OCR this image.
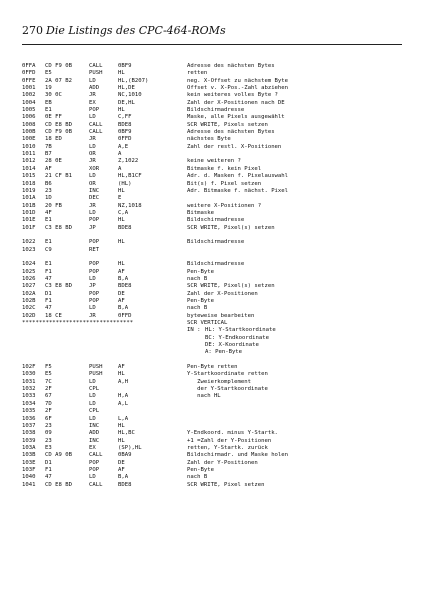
270 Die Listings des CPC-464-ROMs
0FFA CD F9 0B	CALL	0BF9	Adresse des nächsten Bytes
0FFD E5	PUSH	HL	retten
0FFE 2A 07 B2	LD	HL,(B207)	neg. X-Offset zu nächstem Byte
1001 19	ADD	HL,DE	Offset v. X-Pos.-Zahl abziehen
1002 30 0C	JR	NC,1010	kein weiteres volles Byte ?
1004 EB	EX	DE,HL	Zahl der X-Positionen nach DE
1005 E1	POP	HL	Bildschirmadresse
1006 0E FF	LD	C,FF	Maske, alle Pixels ausgewählt
1008 CD E8 BD	CALL	BDE8	SCR WRITE, Pixels setzen
100B CD F9 0B	CALL	0BF9	Adresse des nächsten Bytes
100E 18 ED	JR	0FFD	nächstes Byte
1010 7B	LD	A,E	Zahl der restl. X-Positionen
1011 B7	OR	A
1012 28 0E	JR	Z,1022	keine weiteren ?
1014 AF	XOR	A	Bitmaske f. kein Pixel
1015 21 CF B1	LD	HL,B1CF	Adr. d. Masken f. Pixelauswahl
1018 B6	OR	(HL)	Bit(s) f. Pixel setzen
1019 23	INC	HL	Adr. Bitmaske f. nächst. Pixel
101A 1D	DEC	E
101B 20 FB	JR	NZ,1018	weitere X-Positionen ?
101D 4F	LD	C,A	Bitmaske
101E E1	POP	HL	Bildschirmadresse
101F C3 E8 BD	JP	BDE8	SCR WRITE, Pixel(s) setzen
1022 E1	POP	HL	Bildschirmadresse
1023 C9	RET
1024 E1	POP	HL	Bildschirmadresse
1025 F1	POP	AF	Pen-Byte
1026 47	LD	B,A	nach B
1027 C3 E8 BD	JP	BDE8	SCR WRITE, Pixel(s) setzen
102A D1	POP	DE	Zahl der X-Positionen
102B F1	POP	AF	Pen-Byte
102C 47	LD	B,A	nach B
102D 18 CE	JR	0FFD	byteweise bearbeiten

*********************************

	SCR VERTICAL

IN : HL: Y-Startkoordinate
BC: Y-Endkoordinate
DE: X-Koordinate
A: Pen-Byte
102F F5	PUSH	AF	Pen-Byte retten
1030 E5	PUSH	HL	Y-Startkoordinate retten
1031 7C	LD	A,H	Zweierkomplement
1032 2F	CPL	der Y-Startkoordinate
1033 67	LD	H,A	nach HL
1034 7D	LD	A,L
1035 2F	CPL
1036 6F	LD	L,A
1037 23	INC	HL
1038 09	ADD	HL,BC	Y-Endkoord. minus Y-Startk.
1039 23	INC	HL	+1 =Zahl der Y-Positionen
103A E3	EX	(SP),HL	retten, Y-Startk. zurück
103B CD A9 0B	CALL	0BA9	Bildschirmadr. und Maske holen
103E D1	POP	DE	Zahl der Y-Positionen
103F F1	POP	AF	Pen-Byte
1040 47	LD	B,A	nach B
1041 CD E8 BD	CALL	BDE8	SCR WRITE, Pixel setzen
